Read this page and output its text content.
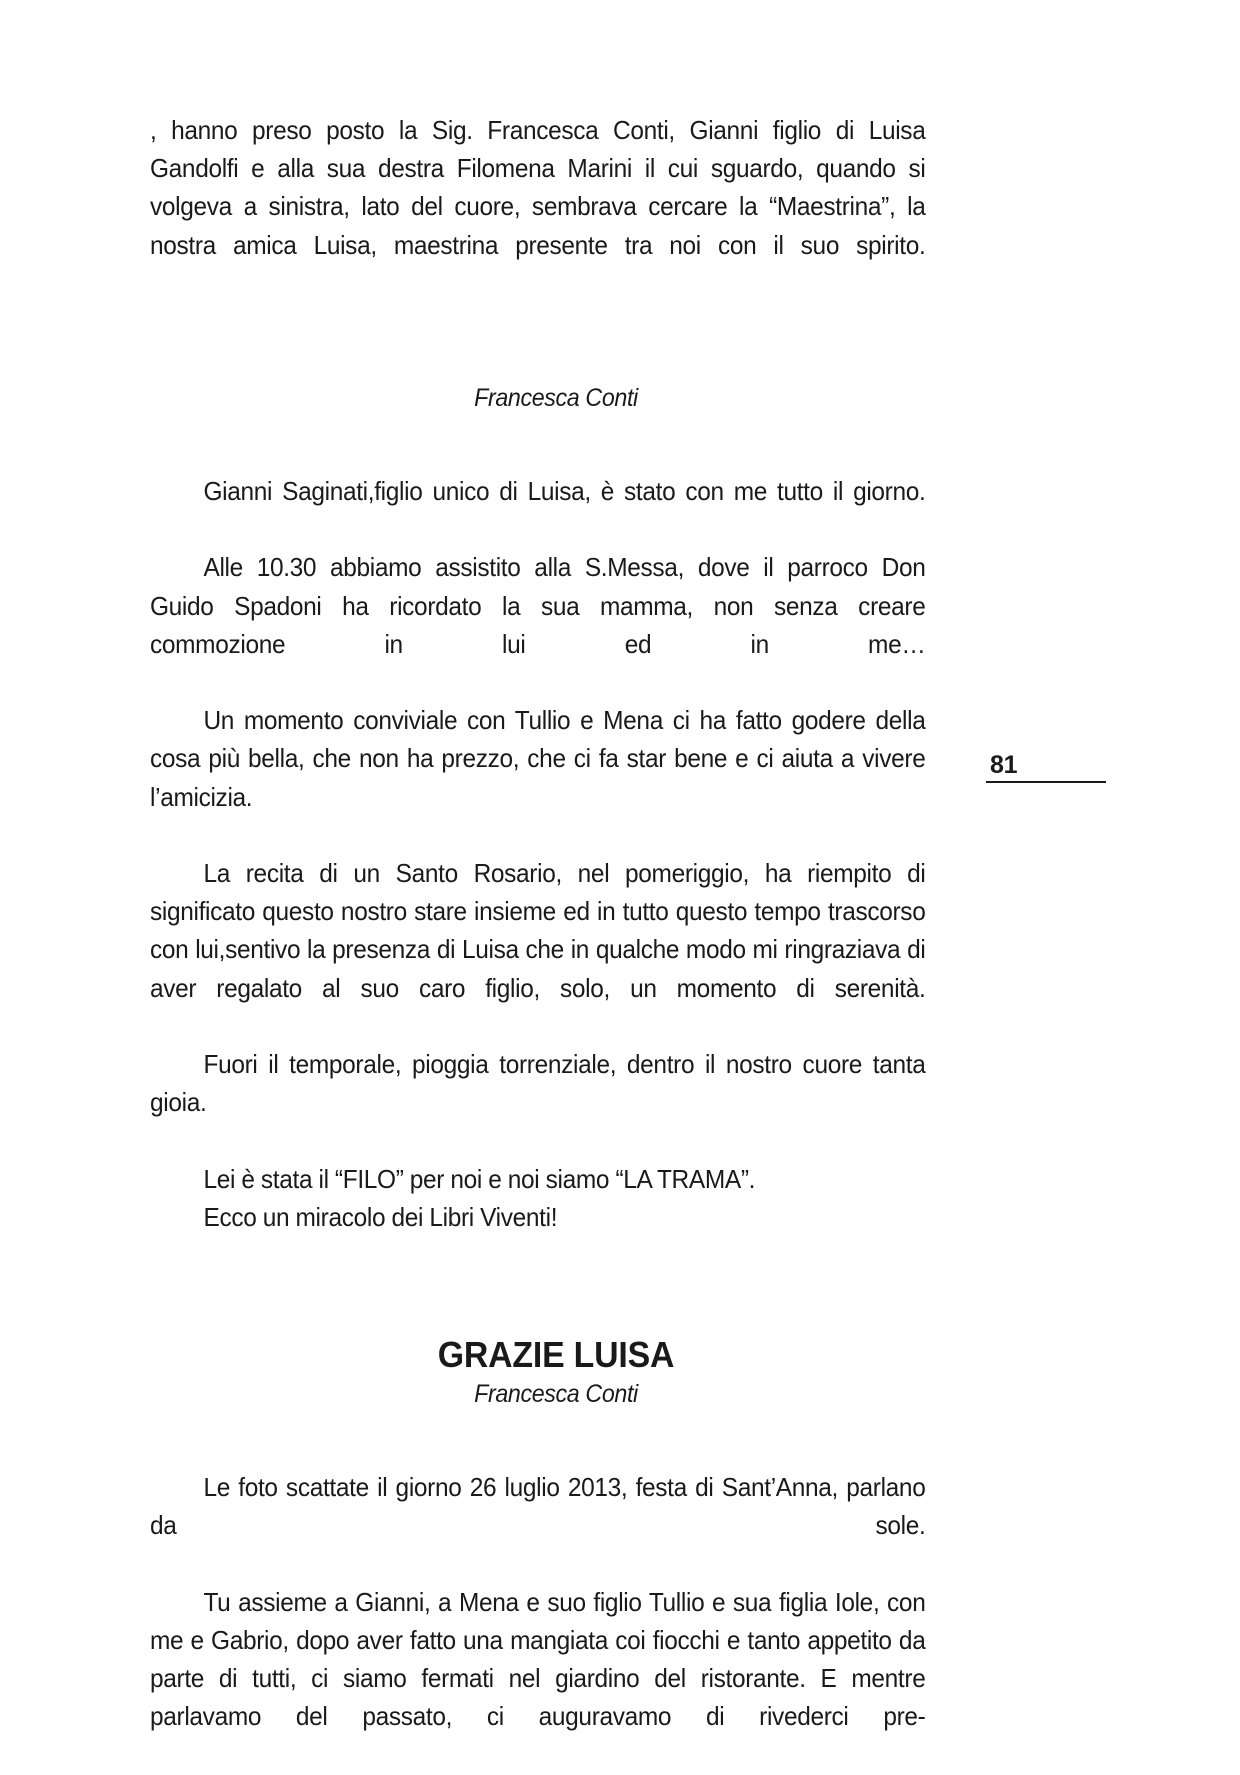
, hanno preso posto la Sig. Francesca Conti, Gianni figlio di Luisa Gandolfi e alla sua destra Filomena Marini il cui sguardo, quando si volgeva a sinistra, lato del cuore, sembrava cercare la “Maestrina”, la nostra amica Luisa, maestrina presente tra noi con il suo spirito.

Francesca Conti

Gianni Saginati,figlio unico di Luisa, è stato con me tutto il giorno.

Alle 10.30 abbiamo assistito alla S.Messa, dove il parroco Don Guido Spadoni ha ricordato la sua mamma, non senza creare commozione in lui ed in me…

Un momento conviviale con Tullio e Mena ci ha fatto godere della cosa più bella, che non ha prezzo, che ci fa star bene e ci aiuta a vivere l’amicizia.

La recita di un Santo Rosario, nel pomeriggio, ha riempito di significato questo nostro stare insieme ed in tutto questo tempo trascorso con lui,sentivo la presenza di Luisa che in qualche modo mi ringraziava di aver regalato al suo caro figlio, solo, un momento di serenità.

Fuori il temporale, pioggia torrenziale, dentro il nostro cuore tanta gioia.

Lei è stata il “FILO” per noi e noi siamo “LA TRAMA”.

Ecco un miracolo dei Libri Viventi!

GRAZIE LUISA

Francesca Conti

Le foto scattate il giorno 26 luglio 2013, festa di Sant’Anna, parlano da sole.

Tu assieme a Gianni, a Mena e suo figlio Tullio e sua figlia Iole, con me e Gabrio, dopo aver fatto una mangiata coi fiocchi e tanto appetito da parte di tutti, ci siamo fermati nel giardino del ristorante. E mentre parlavamo del passato, ci auguravamo di rivederci pre-

81
